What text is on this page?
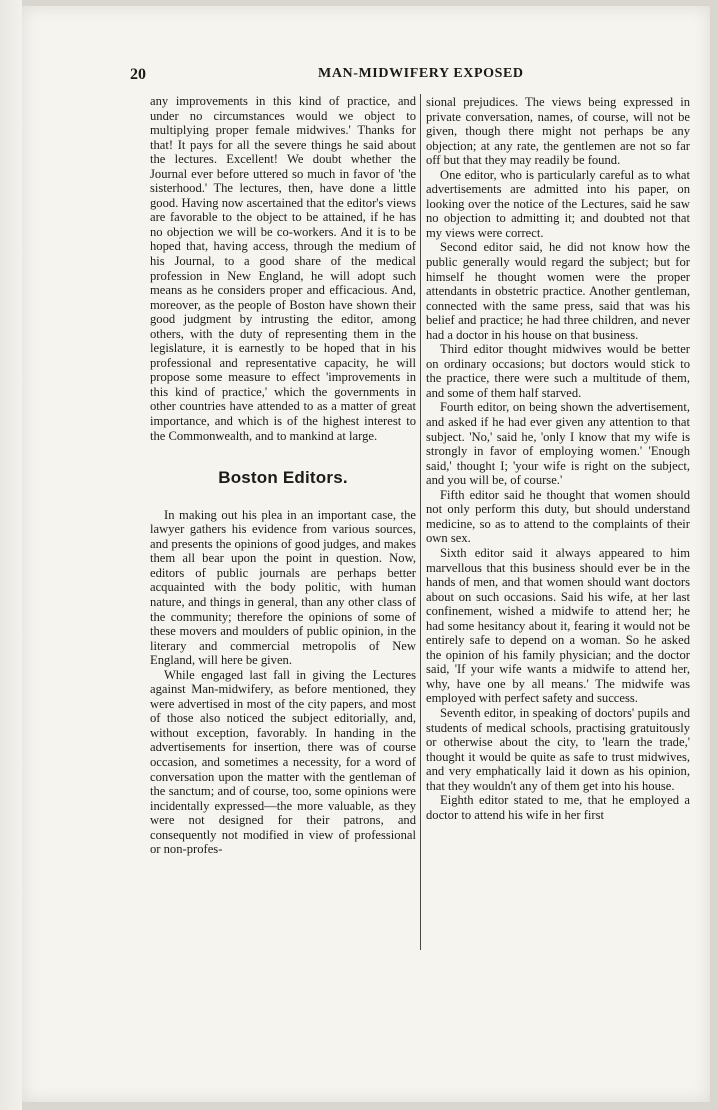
20	MAN-MIDWIFERY EXPOSED

any improvements in this kind of practice, and under no circumstances would we object to multiplying proper female midwives.' Thanks for that! It pays for all the severe things he said about the lectures. Excellent! We doubt whether the Journal ever before uttered so much in favor of 'the sisterhood.' The lectures, then, have done a little good. Having now ascertained that the editor's views are favorable to the object to be attained, if he has no objection we will be co-workers. And it is to be hoped that, having access, through the medium of his Journal, to a good share of the medical profession in New England, he will adopt such means as he considers proper and efficacious. And, moreover, as the people of Boston have shown their good judgment by intrusting the editor, among others, with the duty of representing them in the legislature, it is earnestly to be hoped that in his professional and representative capacity, he will propose some measure to effect 'improvements in this kind of practice,' which the governments in other countries have attended to as a matter of great importance, and which is of the highest interest to the Commonwealth, and to mankind at large.

Boston Editors.

In making out his plea in an important case, the lawyer gathers his evidence from various sources, and presents the opinions of good judges, and makes them all bear upon the point in question. Now, editors of public journals are perhaps better acquainted with the body politic, with human nature, and things in general, than any other class of the community; therefore the opinions of some of these movers and moulders of public opinion, in the literary and commercial metropolis of New England, will here be given.

While engaged last fall in giving the Lectures against Man-midwifery, as before mentioned, they were advertised in most of the city papers, and most of those also noticed the subject editorially, and, without exception, favorably. In handing in the advertisements for insertion, there was of course occasion, and sometimes a necessity, for a word of conversation upon the matter with the gentleman of the sanctum; and of course, too, some opinions were incidentally expressed—the more valuable, as they were not designed for their patrons, and consequently not modified in view of professional or non-profes-

sional prejudices. The views being expressed in private conversation, names, of course, will not be given, though there might not perhaps be any objection; at any rate, the gentlemen are not so far off but that they may readily be found.

One editor, who is particularly careful as to what advertisements are admitted into his paper, on looking over the notice of the Lectures, said he saw no objection to admitting it; and doubted not that my views were correct.

Second editor said, he did not know how the public generally would regard the subject; but for himself he thought women were the proper attendants in obstetric practice. Another gentleman, connected with the same press, said that was his belief and practice; he had three children, and never had a doctor in his house on that business.

Third editor thought midwives would be better on ordinary occasions; but doctors would stick to the practice, there were such a multitude of them, and some of them half starved.

Fourth editor, on being shown the advertisement, and asked if he had ever given any attention to that subject. 'No,' said he, 'only I know that my wife is strongly in favor of employing women.' 'Enough said,' thought I; 'your wife is right on the subject, and you will be, of course.'

Fifth editor said he thought that women should not only perform this duty, but should understand medicine, so as to attend to the complaints of their own sex.

Sixth editor said it always appeared to him marvellous that this business should ever be in the hands of men, and that women should want doctors about on such occasions. Said his wife, at her last confinement, wished a midwife to attend her; he had some hesitancy about it, fearing it would not be entirely safe to depend on a woman. So he asked the opinion of his family physician; and the doctor said, 'If your wife wants a midwife to attend her, why, have one by all means.' The midwife was employed with perfect safety and success.

Seventh editor, in speaking of doctors' pupils and students of medical schools, practising gratuitously or otherwise about the city, to 'learn the trade,' thought it would be quite as safe to trust midwives, and very emphatically laid it down as his opinion, that they wouldn't any of them get into his house.

Eighth editor stated to me, that he employed a doctor to attend his wife in her first
